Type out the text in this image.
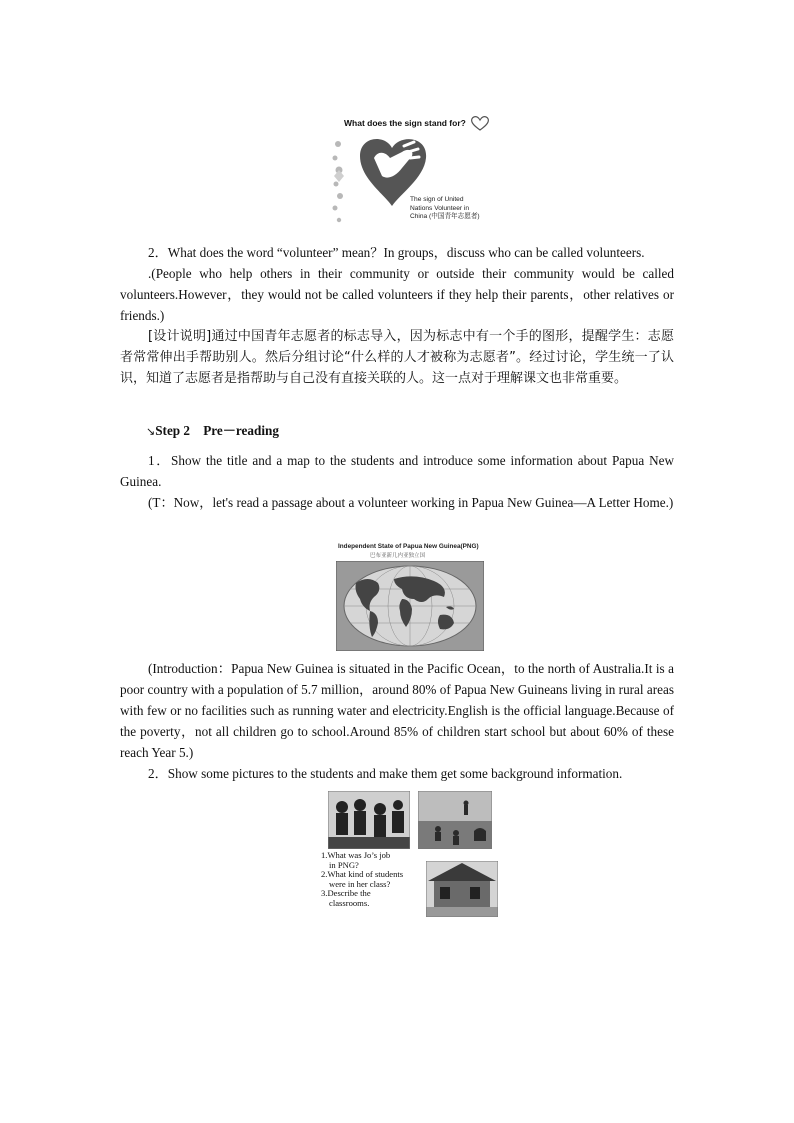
What does the sign stand for?
The sign of United
Nations Volunteer in
China (中国青年志愿者)

2．What does the word “volunteer” mean？In groups，discuss who can be called volunteers.

.(People who help others in their community or outside their community would be called volunteers.However，they would not be called volunteers if they help their parents，other relatives or friends.)

[设计说明]通过中国青年志愿者的标志导入，因为标志中有一个手的图形，提醒学生：志愿者常常伸出手帮助别人。然后分组讨论“什么样的人才被称为志愿者”。经过讨论，学生统一了认识，知道了志愿者是指帮助与自己没有直接关联的人。这一点对于理解课文也非常重要。

↘Step 2　Pre－reading

1．Show the title and a map to the students and introduce some information about Papua New Guinea.

(T：Now，let's read a passage about a volunteer working in Papua New Guinea—A Letter Home.)

Independent State of Papua New Guinea(PNG)
巴布亚新几内亚独立国

(Introduction：Papua New Guinea is situated in the Pacific Ocean，to the north of Australia.It is a poor country with a population of 5.7 million，around 80% of Papua New Guineans living in rural areas with few or no facilities such as running water and electricity.English is the official language.Because of the poverty，not all children go to school.Around 85% of children start school but about 60% of these reach Year 5.)

2．Show some pictures to the students and make them get some background information.

1.What was Jo’s job
in PNG?
2.What kind of students
were in her class?
3.Describe the
classrooms.
